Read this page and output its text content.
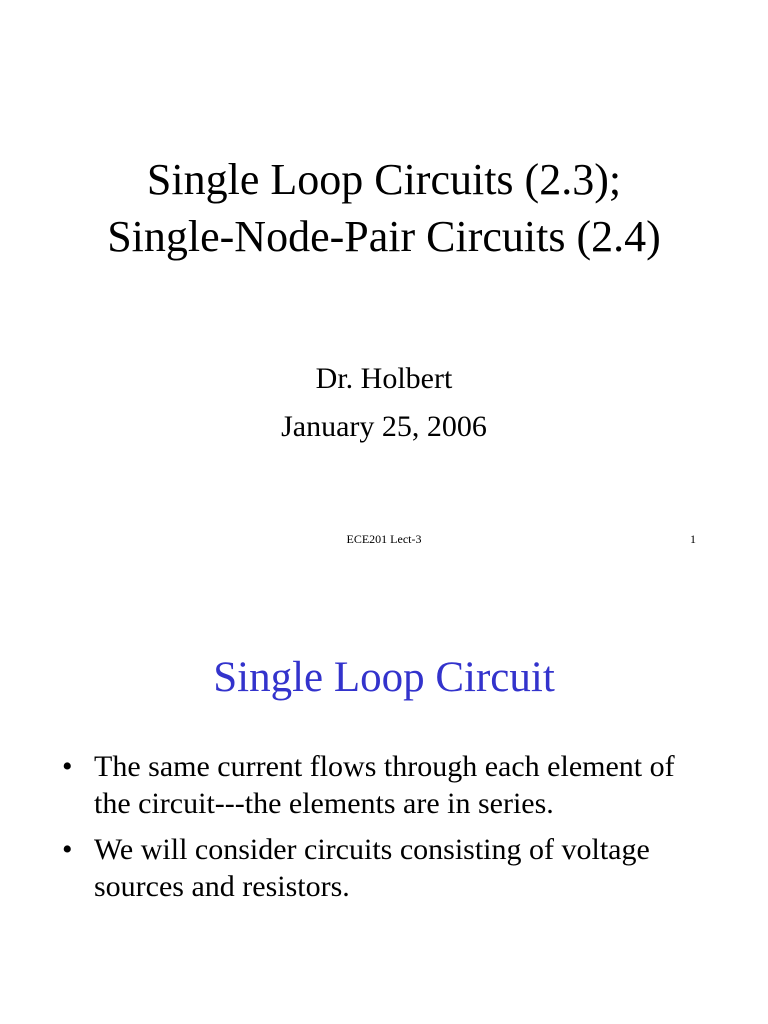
Single Loop Circuits (2.3);
Single-Node-Pair Circuits (2.4)
Dr. Holbert
January 25, 2006
ECE201 Lect-3	1
Single Loop Circuit
• The same current flows through each element of the circuit---the elements are in series.
• We will consider circuits consisting of voltage sources and resistors.
